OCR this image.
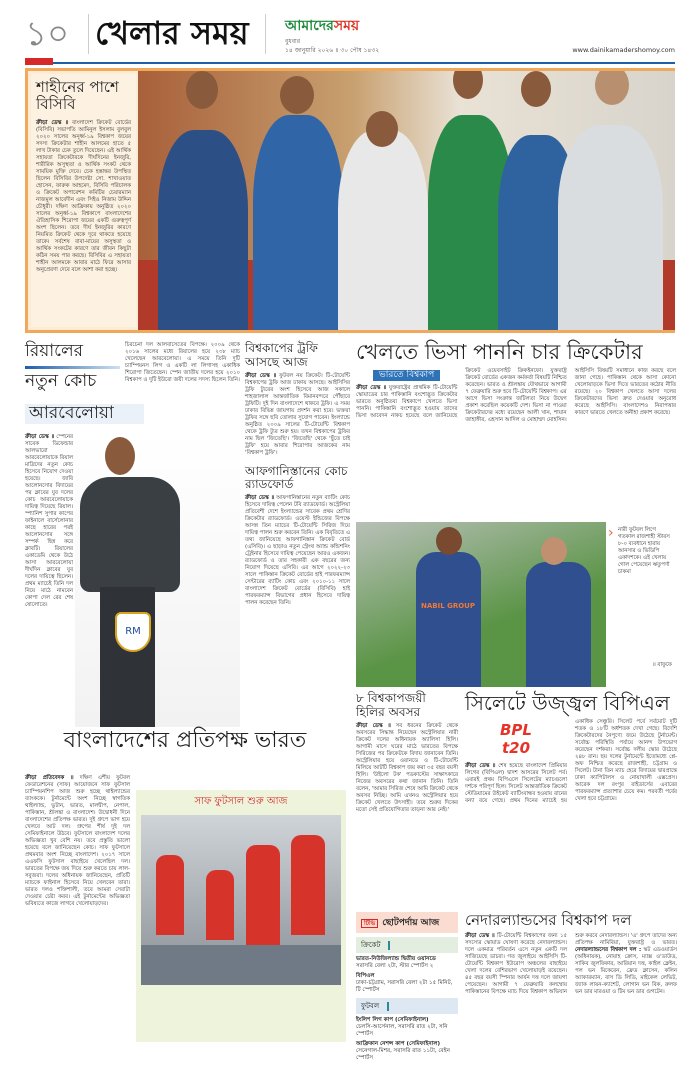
১০ খেলার সময়	আমাদেরসময়
বুধবার
১৪ জানুয়ারি ২০২৬ ॥ ৩০ পৌষ ১৪৩২	www.dainikamadershomoy.com
শাহীনের পাশে বিসিবি
ক্রীড়া ডেস্ক ॥ বাংলাদেশ ক্রিকেট বোর্ডের (বিসিবি) সভাপতি আমিনুল ইসলাম বুলবুল ২০২০ সালের অনূর্ধ্ব-১৯ বিশ্বকাপ জয়ের সদস্য ক্রিকেটার শাহীন আলমের হাতে ৫ লাখ টাকার চেক তুলে দিয়েছেন। এই আর্থিক সহায়তা ক্রিকেটারকে দীর্ঘদিনের ইনজুরি, শারীরিক অসুস্থতা ও আর্থিক সংকট থেকে সাময়িক মুক্তি দেবে। চেক হস্তান্তর উপস্থিত ছিলেন বিসিবির উপদেষ্টা সো. শাখাওয়াত হোসেন, ফারুক আহমেদ, বিসিবি পরিচালক ও ক্রিকেট অপারেশন কমিটির চেয়ারম্যান নাজমুল আবেদীন এবং সিইও নিজাম উদ্দিন চৌধুরী। দক্ষিণ আফ্রিকায় অনুষ্ঠিত ২০২০ সালের অনূর্ধ্ব-১৯ বিশ্বকাপে বাংলাদেশের ঐতিহাসিক শিরোপা জয়ের একটি গুরুত্বপূর্ণ অংশ ছিলেন। তবে দীর্ঘ ইনজুরির কারণে নিয়মিত ক্রিকেট থেকে দূরে থাকতে হয়েছে তাকে। সর্বশেষ বাবা-মায়ের অসুস্থতা ও আর্থিক সংকটের কারণে তার জীবন কিছুটা কঠিন সময় পার করছে। বিসিবির এ সহায়তা শাহীন আলমকে আবার মাঠে ফিরে আসার অনুপ্রেরণা দেবে বলে আশা করা হচ্ছে।
RM
রিয়ালের
নতুন কোচ
চিরচেনা দল আলবাসেতের বিপক্ষে। ২০০৯ থেকে ২০১৬ সালের মধ্যে রিয়ালের হয়ে ২৩৮ ম্যাচ খেলেছেন আরবেলোয়া। এ সময়ে তিনি দুটি চ্যাম্পিয়নস লিগ ও একটি লা লিগাসহ একাধিক শিরোপা জিতেছেন। স্পেন জাতীয় দলের হয়ে ২০১০ বিশ্বকাপ ও দুটি ইউরো জয়ী দলের সদস্য ছিলেন তিনি।
আরবেলোয়া
ক্রীড়া ডেস্ক ॥ স্পেনের সাবেক ডিফেন্ডার আলভারো আরবেলোয়াকে রিয়াল মাদ্রিদের নতুন কোচ হিসেবে নিয়োগ দেওয়া হয়েছে। জাবি আলোনসোর বিদায়ের পর ক্লাবের যুব দলের কোচ আরবেলোয়াকে দায়িত্ব দিয়েছে রিয়াল। স্প্যানিশ সুপার কাপের ফাইনালে বার্সেলোনার কাছে হারের পরই আলোনসোর সঙ্গে সম্পর্ক ছিন্ন করে ক্লাবটি। রিয়ালের একাডেমি থেকে উঠে আসা আরবেলোয়া দীর্ঘদিন ক্লাবের যুব দলের দায়িত্বে ছিলেন। প্রথম ম্যাচেই তিনি দল নিয়ে মাঠে নামবেন কোপা দেল রের শেষ ষোলোতে।
বিশ্বকাপের ট্রফি আসছে আজ
ক্রীড়া ডেস্ক ॥ ফুটবল নয় ক্রিকেট। টি-টোয়েন্টি বিশ্বকাপের ট্রফি আজ ঢাকায় আসছে। আইসিসির ট্রফি ট্যুরের অংশ হিসেবে আজ সকালে শাহজালাল আন্তর্জাতিক বিমানবন্দরে পৌঁছাবে ট্রফিটি। দুই দিন বাংলাদেশে থাকবে ট্রফি। এ সময় ঢাকার বিভিন্ন জায়গায় প্রদর্শন করা হবে। ভক্তরা ট্রফির সঙ্গে ছবি তোলার সুযোগ পাবেন। ইংল্যান্ডে অনুষ্ঠিত ২০০৯ সালের টি-টোয়েন্টি বিশ্বকাপ থেকে ট্রফি ট্যুর শুরু হয়। তখন বিশ্বকাপের ট্রফির নাম ছিল 'জিতেছি'। 'জিতেছি' থেকে 'ছুঁতে চাই ট্রফি' হয়ে আবার শিরোপার আজকের নাম 'বিশ্বকাপ ট্রফি'।
আফগানিস্তানের কোচ র‍্যাডফোর্ড
ক্রীড়া ডেস্ক ॥ আফগানিস্তানের নতুন ব্যাটিং কোচ হিসেবে দায়িত্ব পেলেন টবি র‍্যাডফোর্ড। অস্ট্রেলিয়া প্রতিবেশী দেশে ইংল্যান্ডের সাবেক প্রথম শ্রেণির ক্রিকেটার র‍্যাডফোর্ড। ওয়েস্ট ইন্ডিজের বিপক্ষে আসন্ন তিন ম্যাচের টি-টোয়েন্টি সিরিজ দিয়ে দায়িত্ব পালন শুরু করবেন তিনি। এক বিবৃতিতে এ তথ্য জানিয়েছে আফগানিস্তান ক্রিকেট বোর্ড (এসিবি)। এ ছাড়াও নতুন স্ট্রেংথ অ্যান্ড কন্ডিশনিং ট্রেইনার হিসেবে দায়িত্ব পেয়েছেন আরও একজন। র‍্যাডফোর্ড ও তার সহকারী এক বছরের জন্য নিয়োগ দিয়েছে এসিবি। এর আগে ২০২২-২৩ সালে পাকিস্তান ক্রিকেট বোর্ডের হাই পারফরম্যান্স সেন্টারের ব্যাটিং কোচ এবং ২০১০-১১ সালে বাংলাদেশ ক্রিকেট বোর্ডের (বিসিবি) হাই পারফরম্যান্স বিভাগের প্রধান হিসেবে দায়িত্ব পালন করেছেন তিনি।
খেলতে ভিসা পাননি চার ক্রিকেটার
ভারতে বিশ্বকাপ
ক্রীড়া ডেস্ক ॥ যুক্তরাষ্ট্রের প্রাথমিক টি-টোয়েন্টি স্কোয়াডের চার পাকিস্তানি বংশোদ্ভূত ক্রিকেটার ভারতে অনুষ্ঠিতব্য বিশ্বকাপে খেলতে ভিসা পাননি। পাকিস্তানি বংশোদ্ভূত হওয়ায় তাদের ভিসা আবেদন নাকচ হয়েছে বলে জানিয়েছে ক্রিকেট ওয়েবসাইট ক্রিকইনফো। যুক্তরাষ্ট্র ক্রিকেট বোর্ডের একজন কর্মকর্তা বিষয়টি নিশ্চিত করেছেন। ভারত ও শ্রীলঙ্কায় যৌথভাবে আগামী ৭ ফেব্রুয়ারি শুরু হবে টি-টোয়েন্টি বিশ্বকাপ। এর আগে ভিসা সংক্রান্ত জটিলতা নিয়ে উদ্বেগ প্রকাশ করেছিল কয়েকটি দেশ। ভিসা না পাওয়া ক্রিকেটারদের মধ্যে রয়েছেন আলী খান, শায়ান জাহাঙ্গীর, এহসান আদিল ও মোহাম্মদ মোহসিন। আইসিসি বিষয়টি সমাধানে কাজ করছে বলে জানা গেছে। পাকিস্তান থেকে আসা কোনো খেলোয়াড়কে ভিসা দিতে ভারতের কঠোর নীতি রয়েছে। ২০ বিশ্বকাপ খেলতে আসা দলের ক্রিকেটারদের ভিসা দ্রুত দেওয়ার অনুরোধ করেছে আইসিসি। বাংলাদেশও নিরাপত্তার কারণে ভারতে খেলতে অনীহা প্রকাশ করেছে।
NABIL GROUP
› নারী ফুটবল লিগে গতকাল রাজশাহী স্টারস ৮-০ ব্যবধানে হারায় আনসার ও ভিডিপি একাদশকে। এই খেলায় গোল পেয়েছেন ঋতুপর্ণা চাকমা
॥ বাফুফে
৮ বিশ্বকাপজয়ী হিলির অবসর
ক্রীড়া ডেস্ক ॥ সব ধরনের ক্রিকেট থেকে অবসরের সিদ্ধান্ত নিয়েছেন অস্ট্রেলিয়ার নারী ক্রিকেট দলের অধিনায়ক অ্যালিসা হিলি। আগামী মাসে ঘরের মাঠে ভারতের বিপক্ষে সিরিজের পর ক্রিকেটকে বিদায় জানাবেন তিনি। অস্ট্রেলিয়ার হয়ে ওয়ানডে ও টি-টোয়েন্টি মিলিয়ে আটটি বিশ্বকাপ জয় করা ৩৫ বছর বয়সী হিলি। 'উইলো টক' পডকাস্টের সাক্ষাৎকারে নিজের অবসরের কথা জানান তিনি। তিনি বলেন, 'আমার সিরিজ শেষে আমি ক্রিকেট থেকে অবসর নিচ্ছি। আমি এখনও অস্ট্রেলিয়ার হয়ে ক্রিকেট খেলতে উৎসাহী। তবে শুরুর দিকের মতো সেই প্রতিযোগিতার তাড়না আর নেই।'
সিলেটে উজ্জ্বল বিপিএল
BPL t20
ক্রীড়া ডেস্ক ॥ শেষ হয়েছে বাংলাদেশ প্রিমিয়ার লিগের (বিপিএল) দ্বাদশ আসরের সিলেট পর্ব। এবারই প্রথম বিপিএলে সিলেটের ম্যাচগুলো দর্শকে পরিপূর্ণ ছিল। সিলেট আন্তর্জাতিক ক্রিকেট স্টেডিয়ামের উইকেট ব্যাটিংবান্ধব হওয়ায় রানের বন্যা বয়ে গেছে। প্রথম দিনের ম্যাচেই হয় একাধিক সেঞ্চুরি। সিলেট পর্বে সর্বমোট দুটি শতক ও ১৮টি অর্ধশতক দেখা গেছে। বিদেশি ক্রিকেটারদের নৈপুণ্যে জমে উঠেছে টুর্নামেন্ট। সর্বোচ্চ পরিস্থিতি পর্যায়ে আনন্দ উপভোগ করেছেন দর্শকরা। সর্বোচ্চ দলীয় স্কোর উঠেছে ২৪৮ রান। ছয় দলের টুর্নামেন্টে ইতোমধ্যে প্লে-অফ নিশ্চিত করেছে রাজশাহী, চট্টগ্রাম ও সিলেট। টানা তিন ম্যাচ হেরে বিদায়ের দ্বারপ্রান্তে ঢাকা ক্যাপিটালস ও নোয়াখালী এক্সপ্রেস। আরেক দল রংপুর রাইডার্সের এবারের পারফরম্যান্স প্রত্যাশার চেয়ে কম। পরবর্তী পর্বের খেলা হবে চট্টগ্রামে।
বাংলাদেশের প্রতিপক্ষ ভারত
ক্রীড়া প্রতিবেদক ॥ দক্ষিণ এশীয় ফুটবল ফেডারেশনের (সাফ) আয়োজনে সাফ ফুটসাল চ্যাম্পিয়নশিপ আজ শুরু হচ্ছে থাইল্যান্ডের ব্যাংককে। টুর্নামেন্টে অংশ নিচ্ছে স্বাগতিক থাইল্যান্ড, ভুটান, ভারত, মালদ্বীপ, নেপাল, পাকিস্তান, শ্রীলঙ্কা ও বাংলাদেশ। উদ্বোধনী দিনে বাংলাদেশের প্রতিপক্ষ ভারত। দুই গ্রুপে ভাগ হয়ে খেলবে আট দল। গ্রুপের শীর্ষ দুই দল সেমিফাইনালে উঠবে। ফুটসালে বাংলাদেশ দলের অভিজ্ঞতা খুব বেশি নয়। তবে প্রস্তুতি ভালো হয়েছে বলে জানিয়েছেন কোচ। সাফ ফুটসালে প্রথমবার অংশ নিচ্ছে বাংলাদেশ। ২০১৭ সালে এএফসি ফুটসাল বাছাইয়ে খেলেছিল দল। ভারতের বিপক্ষে জয় দিয়ে শুরু করতে চায় লাল-সবুজরা। দলের অধিনায়ক জানিয়েছেন, প্রতিটি ম্যাচকে ফাইনাল হিসেবে নিয়ে খেলবেন তারা। ভারত দলও শক্তিশালী, তবে আমরা সেরাটা দেওয়ার চেষ্টা করব। এই টুর্নামেন্টের অভিজ্ঞতা ভবিষ্যতে কাজে লাগবে খেলোয়াড়দের।
সাফ ফুটসাল শুরু আজ
টিভি ছোটপর্দায় আজ
ক্রিকেট
ভারত-নিউজিল্যান্ড দ্বিতীয় ওয়ানডে
সরাসরি বেলা ২টা, স্টার স্পোর্টস ২
বিপিএল
ঢাকা-চট্টগ্রাম, সরাসরি বেলা ২টা ১৫ মিনিট, টি স্পোর্টস
ফুটবল
ইংলিশ লিগ কাপ (সেমিফাইনাল)
চেলসি-আর্সেনাল, সরাসরি রাত ২টা, সনি স্পোর্টস
আফ্রিকান নেশন্স কাপ (সেমিফাইনাল)
সেনেগাল-মিশর, সরাসরি রাত ১১টা, বেইন স্পোর্টস
নেদারল্যান্ডসের বিশ্বকাপ দল
ক্রীড়া ডেস্ক ॥ টি-টোয়েন্টি বিশ্বকাপের জন্য ১৫ সদস্যের স্কোয়াড ঘোষণা করেছে নেদারল্যান্ডস। দলে একমাত্র পরিবর্তন এসে নতুন একটি দল সাজিয়েছে ডাচরা। গত জুলাইয়ে আইসিসি টি-টোয়েন্টি বিশ্বকাপ ইউরোপ অঞ্চলের বাছাইয়ে খেলা দলের বেশিরভাগ খেলোয়াড়ই রয়েছেন। ৪৫ বছর বয়সী স্পিনার আর্যন দত্ত দলে জায়গা পেয়েছেন। আগামী ৭ ফেব্রুয়ারি কলম্বোয় পাকিস্তানের বিপক্ষে ম্যাচ দিয়ে বিশ্বকাপ অভিযান শুরু করবে নেদারল্যান্ডস। 'এ' গ্রুপে তাদের অন্য প্রতিপক্ষ নামিবিয়া, যুক্তরাষ্ট্র ও ভারত। নেদারল্যান্ডসের বিশ্বকাপ দল : স্কট এডওয়ার্ডস (অধিনায়ক), নোয়াহ ক্রোস, ম্যাক্স ও'ডাউড, সাকিব জুলফিকার, আরিয়ান দত্ত, কাইল ক্লেইন, পল ভন মিকেরেন, ফ্রেড ক্লাসেন, কলিন অ্যাকারম্যান, বাস ডি লিডি, মাইকেল লেভিট, জ্যাক লায়ন-ক্যাশেট, লোগান ভন বিক, রুলফ ভন ডার মারওয়া ও টিম ভন ডার গুগটেন।
